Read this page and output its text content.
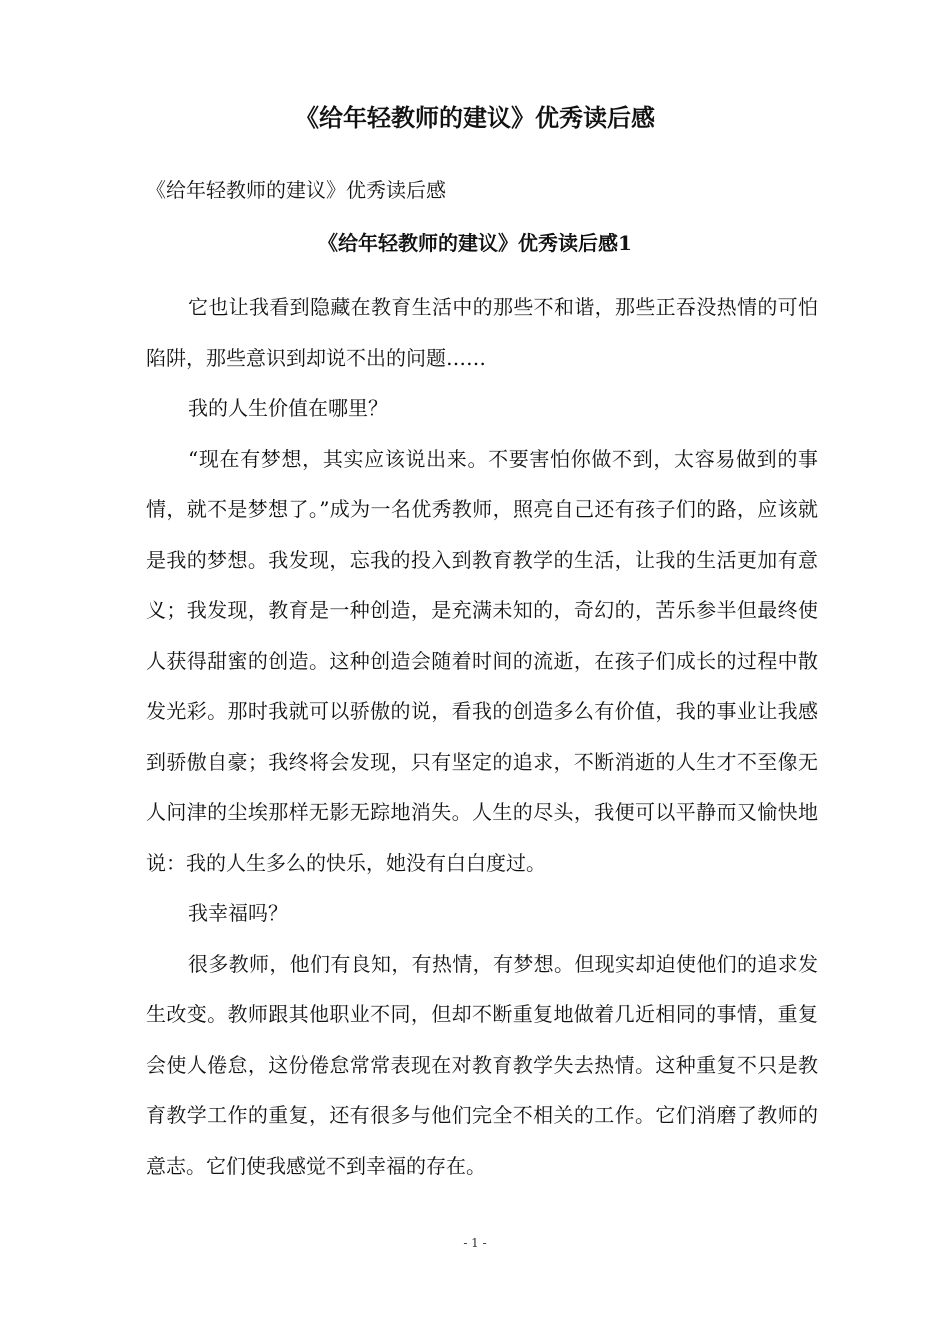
《给年轻教师的建议》优秀读后感

《给年轻教师的建议》优秀读后感

《给年轻教师的建议》优秀读后感1

它也让我看到隐藏在教育生活中的那些不和谐，那些正吞没热情的可怕陷阱，那些意识到却说不出的问题……

我的人生价值在哪里？

“现在有梦想，其实应该说出来。不要害怕你做不到，太容易做到的事情，就不是梦想了。”成为一名优秀教师，照亮自己还有孩子们的路，应该就是我的梦想。我发现，忘我的投入到教育教学的生活，让我的生活更加有意义；我发现，教育是一种创造，是充满未知的，奇幻的，苦乐参半但最终使人获得甜蜜的创造。这种创造会随着时间的流逝，在孩子们成长的过程中散发光彩。那时我就可以骄傲的说，看我的创造多么有价值，我的事业让我感到骄傲自豪；我终将会发现，只有坚定的追求，不断消逝的人生才不至像无人问津的尘埃那样无影无踪地消失。人生的尽头，我便可以平静而又愉快地说：我的人生多么的快乐，她没有白白度过。

我幸福吗？

很多教师，他们有良知，有热情，有梦想。但现实却迫使他们的追求发生改变。教师跟其他职业不同，但却不断重复地做着几近相同的事情，重复会使人倦怠，这份倦怠常常表现在对教育教学失去热情。这种重复不只是教育教学工作的重复，还有很多与他们完全不相关的工作。它们消磨了教师的意志。它们使我感觉不到幸福的存在。

- 1 -
